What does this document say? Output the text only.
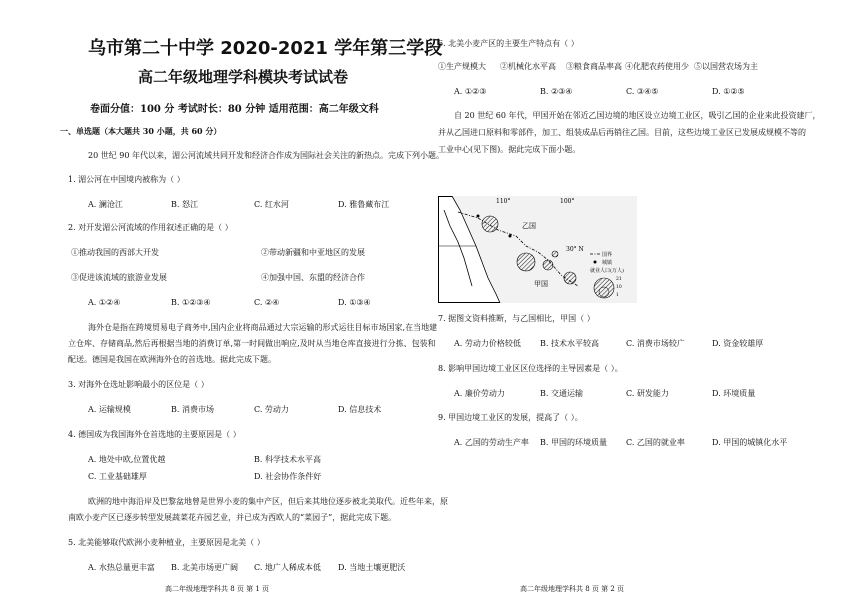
乌市第二十中学 2020-2021 学年第三学段
高二年级地理学科模块考试试卷
卷面分值：100 分 考试时长：80 分钟 适用范围：高二年级文科
一、单选题（本大题共 30 小题，共 60 分）
20 世纪 90 年代以来，湄公河流域共同开发和经济合作成为国际社会关注的新热点。完成下列小题。
1. 湄公河在中国境内被称为（ ）
A. 澜沧江	B. 怒江	C. 红水河	D. 雅鲁藏布江
2. 对开发湄公河流域的作用叙述正确的是（ ）
①推动我国的西部大开发	②带动新疆和中亚地区的发展
③促进该流域的旅游业发展	④加强中国、东盟的经济合作
A. ①②④	B. ①②③④	C. ②④	D. ①③④
海外仓是指在跨境贸易电子商务中,国内企业将商品通过大宗运输的形式运往目标市场国家,在当地建
立仓库、存储商品,然后再根据当地的消费订单,第一时间做出响应,及时从当地仓库直接进行分拣、包装和
配送。德国是我国在欧洲海外仓的首选地。据此完成下题。
3. 对海外仓选址影响最小的区位是（ ）
A. 运输规模	B. 消费市场	C. 劳动力	D. 信息技术
4. 德国成为我国海外仓首选地的主要原因是（ ）
A. 地处中欧,位置优越	B. 科学技术水平高
C. 工业基础雄厚	D. 社会协作条件好
欧洲的地中海沿岸及巴黎盆地曾是世界小麦的集中产区，但后来其地位逐步被北美取代。近些年来，原
南欧小麦产区已逐步转型发展蔬菜花卉园艺业，并已成为西欧人的“菜园子”，据此完成下题。
5. 北美能够取代欧洲小麦种植业，主要原因是北美（ ）
A. 水热总量更丰富 B. 北美市场更广阔 C. 地广人稀成本低 D. 当地土壤更肥沃
高二年级地理学科共 8 页 第 1 页
6. 北美小麦产区的主要生产特点有（ ）
①生产规模大 ②机械化水平高 ③粮食商品率高 ④化肥农药使用少 ⑤以国营农场为主
A. ①②③	B. ②③④	C. ③④⑤	D. ①②⑤
自 20 世纪 60 年代，甲国开始在邻近乙国边境的地区设立边境工业区，吸引乙国的企业来此投资建厂，
并从乙国进口原料和零部件，加工、组装成品后再销往乙国。目前，这些边境工业区已发展成规模不等的
工业中心(见下图)。据此完成下面小题。
110°	100°
30° N
乙国
甲国
国界
城镇
就业人口(万人)
21
10
1
7. 据图文资料推断，与乙国相比，甲国（ ）
A. 劳动力价格较低 B. 技术水平较高	C. 消费市场较广	D. 资金较雄厚
8. 影响甲国边境工业区区位选择的主导因素是（ ）。
A. 廉价劳动力	B. 交通运输	C. 研发能力	D. 环境质量
9. 甲国边境工业区的发展，提高了（ ）。
A. 乙国的劳动生产率 B. 甲国的环境质量 C. 乙国的就业率	D. 甲国的城镇化水平
高二年级地理学科共 8 页 第 2 页
